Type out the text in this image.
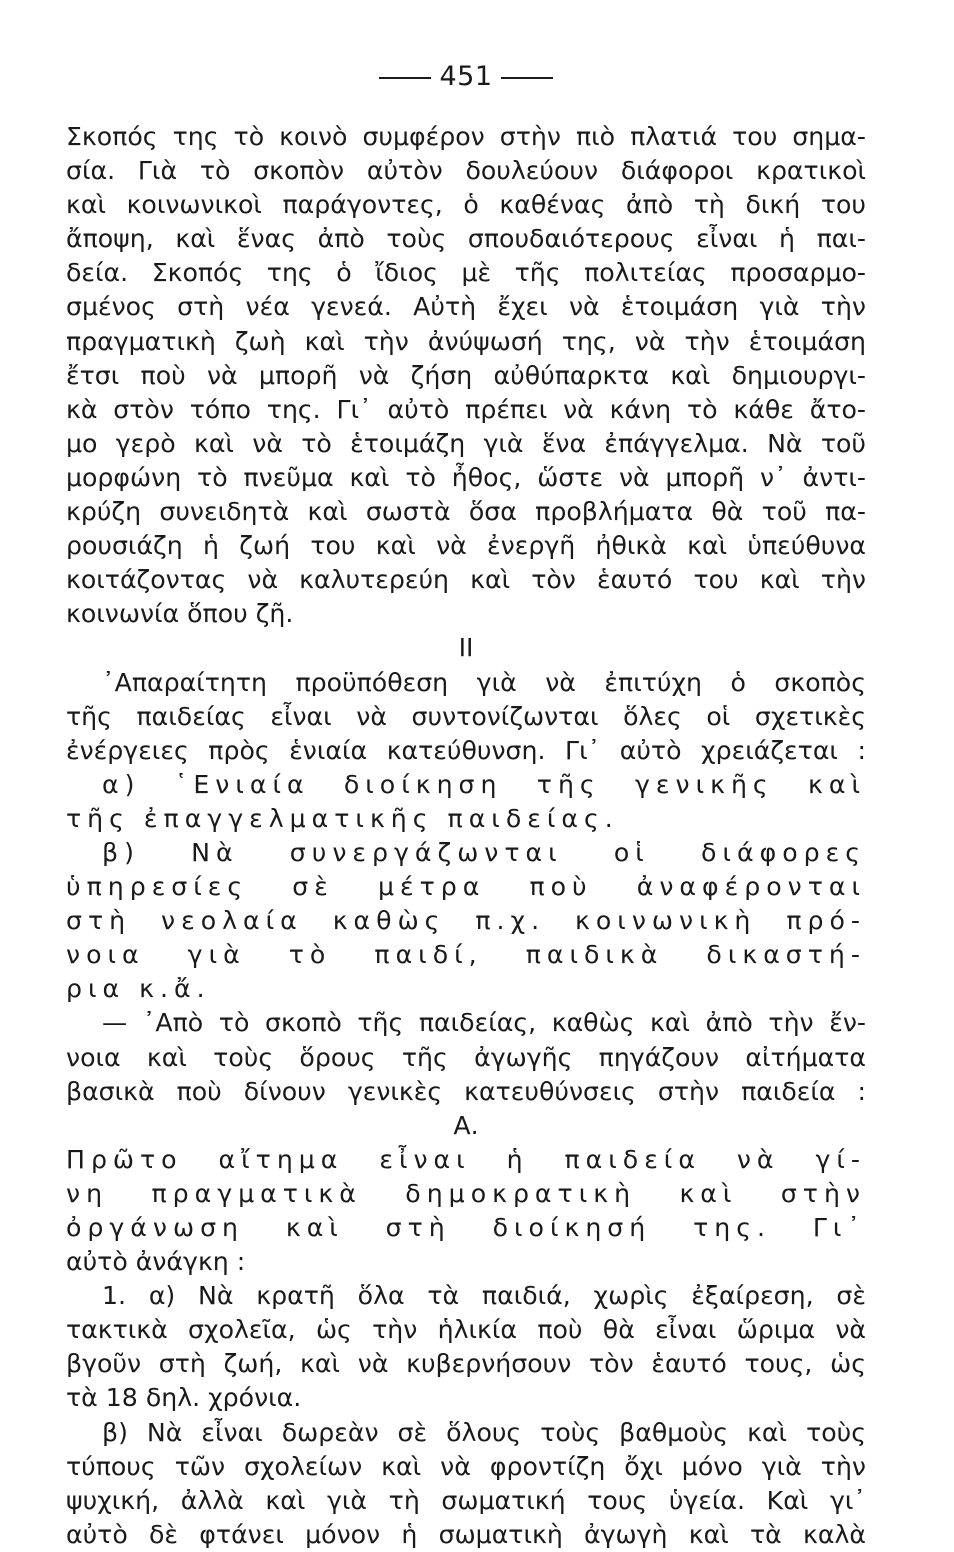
451
Σκοπός της τὸ κοινὸ συμφέρον στὴν πιὸ πλατιά του σημα-
σία. Γιὰ τὸ σκοπὸν αὐτὸν δουλεύουν διάφοροι κρατικοὶ
καὶ κοινωνικοὶ παράγοντες, ὁ καθένας ἀπὸ τὴ δική του
ἄποψη, καὶ ἕνας ἀπὸ τοὺς σπουδαιότερους εἶναι ἡ παι-
δεία. Σκοπός της ὁ ἴδιος μὲ τῆς πολιτείας προσαρμο-
σμένος στὴ νέα γενεά. Αὐτὴ ἔχει νὰ ἑτοιμάση γιὰ τὴν
πραγματικὴ ζωὴ καὶ τὴν ἀνύψωσή της, νὰ τὴν ἑτοιμάση
ἔτσι ποὺ νὰ μπορῆ νὰ ζήση αὐθύπαρκτα καὶ δημιουργι-
κὰ στὸν τόπο της. Γι᾿ αὐτὸ πρέπει νὰ κάνη τὸ κάθε ἄτο-
μο γερὸ καὶ νὰ τὸ ἑτοιμάζη γιὰ ἕνα ἐπάγγελμα. Νὰ τοῦ
μορφώνη τὸ πνεῦμα καὶ τὸ ἦθος, ὥστε νὰ μπορῆ ν᾿ ἀντι-
κρύζη συνειδητὰ καὶ σωστὰ ὅσα προβλήματα θὰ τοῦ πα-
ρουσιάζη ἡ ζωή του καὶ νὰ ἐνεργῆ ἠθικὰ καὶ ὑπεύθυνα
κοιτάζοντας νὰ καλυτερεύη καὶ τὸν ἑαυτό του καὶ τὴν
κοινωνία ὅπου ζῆ.
ΙΙ
᾿Απαραίτητη προϋπόθεση γιὰ νὰ ἐπιτύχη ὁ σκοπὸς
τῆς παιδείας εἶναι νὰ συντονίζωνται ὅλες οἱ σχετικὲς
ἐνέργειες πρὸς ἑνιαία κατεύθυνση. Γι᾿ αὐτὸ χρειάζεται :
α) ῾Ενιαία διοίκηση τῆς γενικῆς καὶ
τῆς ἐπαγγελματικῆς παιδείας.
β) Νὰ συνεργάζωνται οἱ διάφορες
ὑπηρεσίες σὲ μέτρα ποὺ ἀναφέρονται
στὴ νεολαία καθὼς π.χ. κοινωνικὴ πρό-
νοια γιὰ τὸ παιδί, παιδικὰ δικαστή-
ρια κ.ἄ.
— ᾿Απὸ τὸ σκοπὸ τῆς παιδείας, καθὼς καὶ ἀπὸ τὴν ἔν-
νοια καὶ τοὺς ὅρους τῆς ἀγωγῆς πηγάζουν αἰτήματα
βασικὰ ποὺ δίνουν γενικὲς κατευθύνσεις στὴν παιδεία :
Α.
Πρῶτο αἴτημα εἶναι ἡ παιδεία νὰ γί-
νη πραγματικὰ δημοκρατικὴ καὶ στὴν
ὀργάνωση καὶ στὴ διοίκησή της. Γι᾿
αὐτὸ ἀνάγκη :
1. α) Νὰ κρατῆ ὅλα τὰ παιδιά, χωρὶς ἐξαίρεση, σὲ
τακτικὰ σχολεῖα, ὡς τὴν ἡλικία ποὺ θὰ εἶναι ὥριμα νὰ
βγοῦν στὴ ζωή, καὶ νὰ κυβερνήσουν τὸν ἑαυτό τους, ὡς
τὰ 18 δηλ. χρόνια.
β) Νὰ εἶναι δωρεὰν σὲ ὅλους τοὺς βαθμοὺς καὶ τοὺς
τύπους τῶν σχολείων καὶ νὰ φροντίζη ὄχι μόνο γιὰ τὴν
ψυχική, ἀλλὰ καὶ γιὰ τὴ σωματική τους ὑγεία. Καὶ γι᾿
αὐτὸ δὲ φτάνει μόνον ἡ σωματικὴ ἀγωγὴ καὶ τὰ καλὰ
